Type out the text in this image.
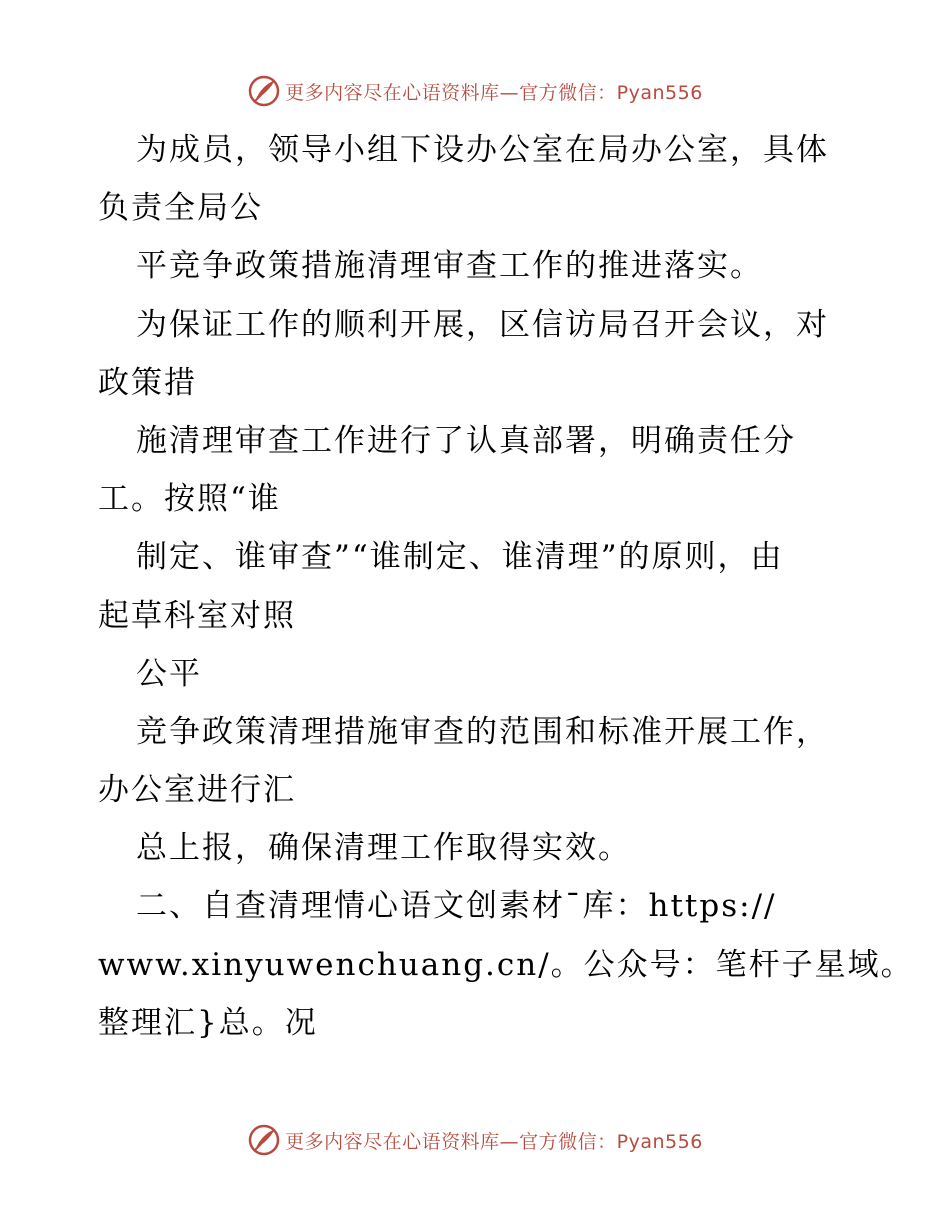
更多内容尽在心语资料库—官方微信：Pyan556
为成员，领导小组下设办公室在局办公室，具体
负责全局公
平竞争政策措施清理审查工作的推进落实。
为保证工作的顺利开展，区信访局召开会议，对
政策措
施清理审查工作进行了认真部署，明确责任分
工。按照“谁
制定、谁审查”“谁制定、谁清理”的原则，由
起草科室对照
公平
竞争政策清理措施审查的范围和标准开展工作，
办公室进行汇
总上报，确保清理工作取得实效。
二、自查清理情心语文创素材¯库：https://
www.xinyuwenchuang.cn/。公众号：笔杆子星域。
整理汇}总。况
更多内容尽在心语资料库—官方微信：Pyan556
